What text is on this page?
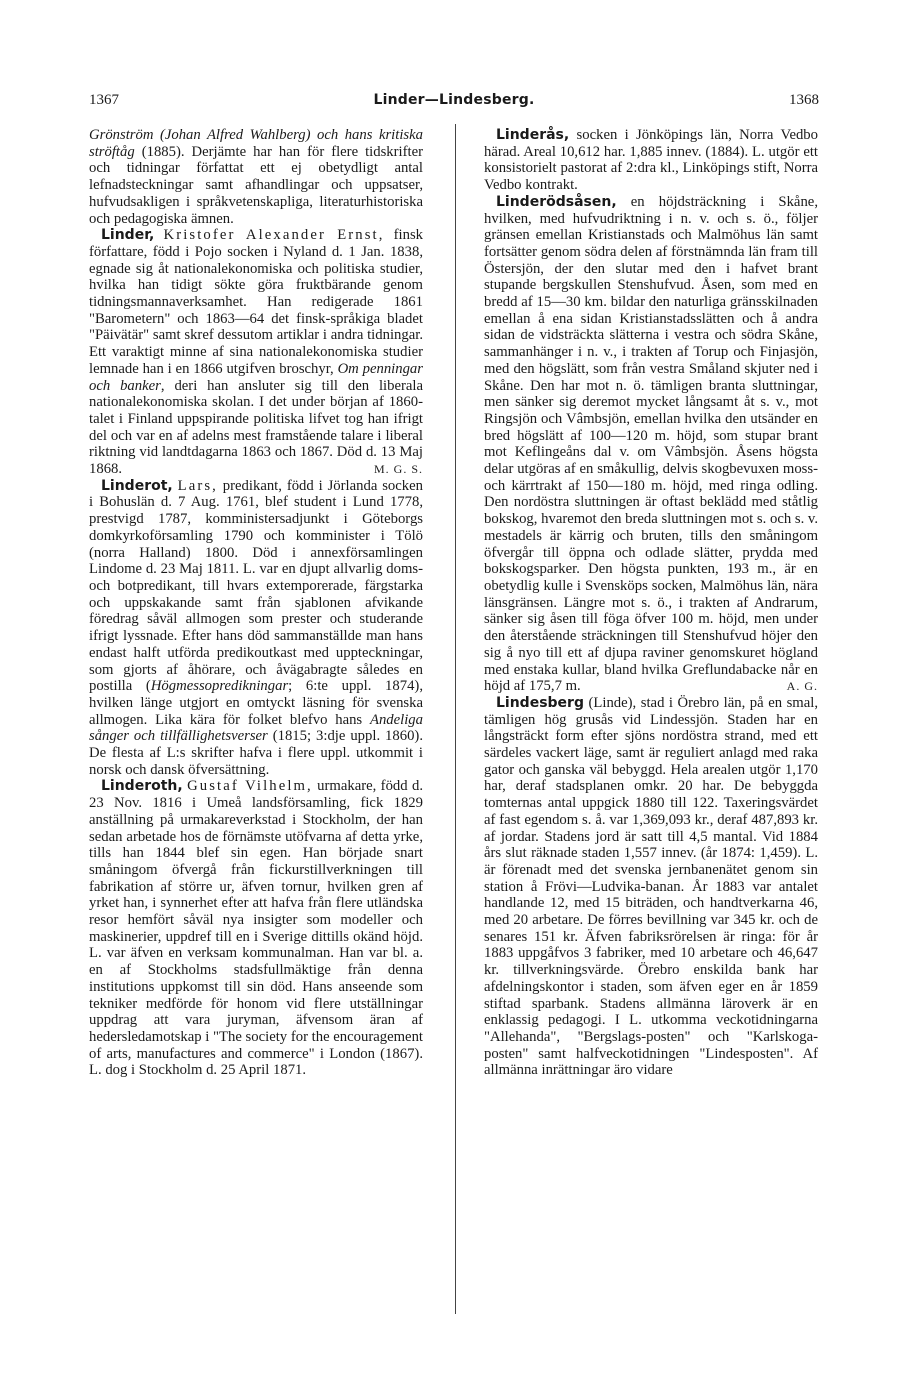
1367	Linder—Lindesberg.	1368

Grönström (Johan Alfred Wahlberg) och hans kritiska ströftåg (1885). Derjämte har han för flere tidskrifter och tidningar författat ett ej obetydligt antal lefnadsteckningar samt afhandlingar och uppsatser, hufvudsakligen i språkvetenskapliga, literaturhistoriska och pedagogiska ämnen.

Linder, Kristofer Alexander Ernst, finsk författare, född i Pojo socken i Nyland d. 1 Jan. 1838, egnade sig åt nationalekonomiska och politiska studier, hvilka han tidigt sökte göra fruktbärande genom tidningsmannaverksamhet. Han redigerade 1861 "Barometern" och 1863—64 det finsk-språkiga bladet "Päivätär" samt skref dessutom artiklar i andra tidningar. Ett varaktigt minne af sina nationalekonomiska studier lemnade han i en 1866 utgifven broschyr, Om penningar och banker, deri han ansluter sig till den liberala nationalekonomiska skolan. I det under början af 1860-talet i Finland uppspirande politiska lifvet tog han ifrigt del och var en af adelns mest framstående talare i liberal riktning vid landtdagarna 1863 och 1867. Död d. 13 Maj 1868.	M. G. S.

Linderot, Lars, predikant, född i Jörlanda socken i Bohuslän d. 7 Aug. 1761, blef student i Lund 1778, prestvigd 1787, komministersadjunkt i Göteborgs domkyrkoförsamling 1790 och komminister i Tölö (norra Halland) 1800. Död i annexförsamlingen Lindome d. 23 Maj 1811. L. var en djupt allvarlig doms- och botpredikant, till hvars extemporerade, färgstarka och uppskakande samt från sjablonen afvikande föredrag såväl allmogen som prester och studerande ifrigt lyssnade. Efter hans död sammanställde man hans endast halft utförda predikoutkast med uppteckningar, som gjorts af åhörare, och åvägabragte således en postilla (Högmessopredikningar; 6:te uppl. 1874), hvilken länge utgjort en omtyckt läsning för svenska allmogen. Lika kära för folket blefvo hans Andeliga sånger och tillfällighetsverser (1815; 3:dje uppl. 1860). De flesta af L:s skrifter hafva i flere uppl. utkommit i norsk och dansk öfversättning.

Linderoth, Gustaf Vilhelm, urmakare, född d. 23 Nov. 1816 i Umeå landsförsamling, fick 1829 anställning på urmakareverkstad i Stockholm, der han sedan arbetade hos de förnämste utöfvarna af detta yrke, tills han 1844 blef sin egen. Han började snart småningom öfvergå från fickurstillverkningen till fabrikation af större ur, äfven tornur, hvilken gren af yrket han, i synnerhet efter att hafva från flere utländska resor hemfört såväl nya insigter som modeller och maskinerier, uppdref till en i Sverige dittills okänd höjd. L. var äfven en verksam kommunalman. Han var bl. a. en af Stockholms stadsfullmäktige från denna institutions uppkomst till sin död. Hans anseende som tekniker medförde för honom vid flere utställningar uppdrag att vara juryman, äfvensom äran af hedersledamotskap i "The society for the encouragement of arts, manufactures and commerce" i London (1867). L. dog i Stockholm d. 25 April 1871.

Linderås, socken i Jönköpings län, Norra Vedbo härad. Areal 10,612 har. 1,885 innev. (1884). L. utgör ett konsistorielt pastorat af 2:dra kl., Linköpings stift, Norra Vedbo kontrakt.

Linderödsåsen, en höjdsträckning i Skåne, hvilken, med hufvudriktning i n. v. och s. ö., följer gränsen emellan Kristianstads och Malmöhus län samt fortsätter genom södra delen af förstnämnda län fram till Östersjön, der den slutar med den i hafvet brant stupande bergskullen Stenshufvud. Åsen, som med en bredd af 15—30 km. bildar den naturliga gränsskilnaden emellan å ena sidan Kristianstadsslätten och å andra sidan de vidsträckta slätterna i vestra och södra Skåne, sammanhänger i n. v., i trakten af Torup och Finjasjön, med den högslätt, som från vestra Småland skjuter ned i Skåne. Den har mot n. ö. tämligen branta sluttningar, men sänker sig deremot mycket långsamt åt s. v., mot Ringsjön och Vâmbsjön, emellan hvilka den utsänder en bred högslätt af 100—120 m. höjd, som stupar brant mot Keflingeåns dal v. om Vâmbsjön. Åsens högsta delar utgöras af en småkullig, delvis skogbevuxen moss- och kärrtrakt af 150—180 m. höjd, med ringa odling. Den nordöstra sluttningen är oftast beklädd med ståtlig bokskog, hvaremot den breda sluttningen mot s. och s. v. mestadels är kärrig och bruten, tills den småningom öfvergår till öppna och odlade slätter, prydda med bokskogsparker. Den högsta punkten, 193 m., är en obetydlig kulle i Svensköps socken, Malmöhus län, nära länsgränsen. Längre mot s. ö., i trakten af Andrarum, sänker sig åsen till föga öfver 100 m. höjd, men under den återstående sträckningen till Stenshufvud höjer den sig å nyo till ett af djupa raviner genomskuret högland med enstaka kullar, bland hvilka Greflundabacke når en höjd af 175,7 m.	A. G.

Lindesberg (Linde), stad i Örebro län, på en smal, tämligen hög grusås vid Lindessjön. Staden har en långsträckt form efter sjöns nordöstra strand, med ett särdeles vackert läge, samt är reguliert anlagd med raka gator och ganska väl bebyggd. Hela arealen utgör 1,170 har, deraf stadsplanen omkr. 20 har. De bebyggda tomternas antal uppgick 1880 till 122. Taxeringsvärdet af fast egendom s. å. var 1,369,093 kr., deraf 487,893 kr. af jordar. Stadens jord är satt till 4,5 mantal. Vid 1884 års slut räknade staden 1,557 innev. (år 1874: 1,459). L. är förenadt med det svenska jernbanenätet genom sin station å Frövi—Ludvika-banan. År 1883 var antalet handlande 12, med 15 biträden, och handtverkarna 46, med 20 arbetare. De förres bevillning var 345 kr. och de senares 151 kr. Äfven fabriksrörelsen är ringa: för år 1883 uppgåfvos 3 fabriker, med 10 arbetare och 46,647 kr. tillverkningsvärde. Örebro enskilda bank har afdelningskontor i staden, som äfven eger en år 1859 stiftad sparbank. Stadens allmänna läroverk är en enklassig pedagogi. I L. utkomma veckotidningarna "Allehanda", "Bergslags-posten" och "Karlskoga-posten" samt halfveckotidningen "Lindesposten". Af allmänna inrättningar äro vidare
